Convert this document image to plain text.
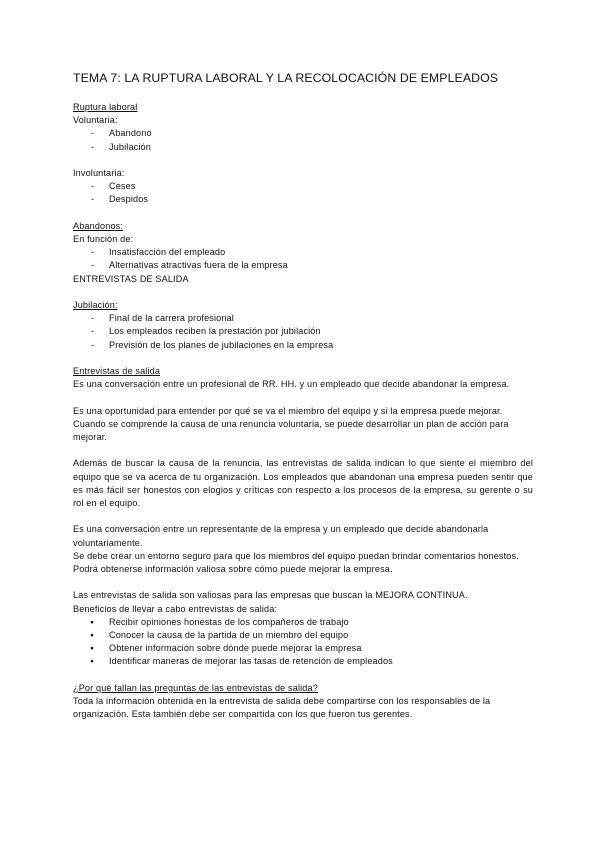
TEMA 7: LA RUPTURA LABORAL Y LA RECOLOCACIÓN DE EMPLEADOS

Ruptura laboral

Voluntaria:

- Abandono
- Jubilación

Involuntaria:

- Ceses
- Despidos

Abandonos:

En función de:

- Insatisfacción del empleado
- Alternativas atractivas fuera de la empresa

ENTREVISTAS DE SALIDA

Jubilación:

- Final de la carrera profesional
- Los empleados reciben la prestación por jubilación
- Previsión de los planes de jubilaciones en la empresa

Entrevistas de salida

Es una conversación entre un profesional de RR. HH. y un empleado que decide abandonar la empresa.

Es una oportunidad para entender por qué se va el miembro del equipo y si la empresa puede mejorar. Cuando se comprende la causa de una renuncia voluntaria, se puede desarrollar un plan de acción para mejorar.

Además de buscar la causa de la renuncia, las entrevistas de salida indican lo que siente el miembro del equipo que se va acerca de tu organización. Los empleados que abandonan una empresa pueden sentir que es más fácil ser honestos con elogios y críticas con respecto a los procesos de la empresa, su gerente o su rol en el equipo.

Es una conversación entre un representante de la empresa y un empleado que decide abandonarla voluntariamente.

Se debe crear un entorno seguro para que los miembros del equipo puedan brindar comentarios honestos.

Podrá obtenerse información valiosa sobre cómo puede mejorar la empresa.

Las entrevistas de salida son valiosas para las empresas que buscan la MEJORA CONTINUA.

Beneficios de llevar a cabo entrevistas de salida:

● Recibir opiniones honestas de los compañeros de trabajo
● Conocer la causa de la partida de un miembro del equipo
● Obtener información sobre dónde puede mejorar la empresa
● Identificar maneras de mejorar las tasas de retención de empleados

¿Por qué fallan las preguntas de las entrevistas de salida?

Toda la información obtenida en la entrevista de salida debe compartirse con los responsables de la organización. Esta también debe ser compartida con los que fueron tus gerentes.
